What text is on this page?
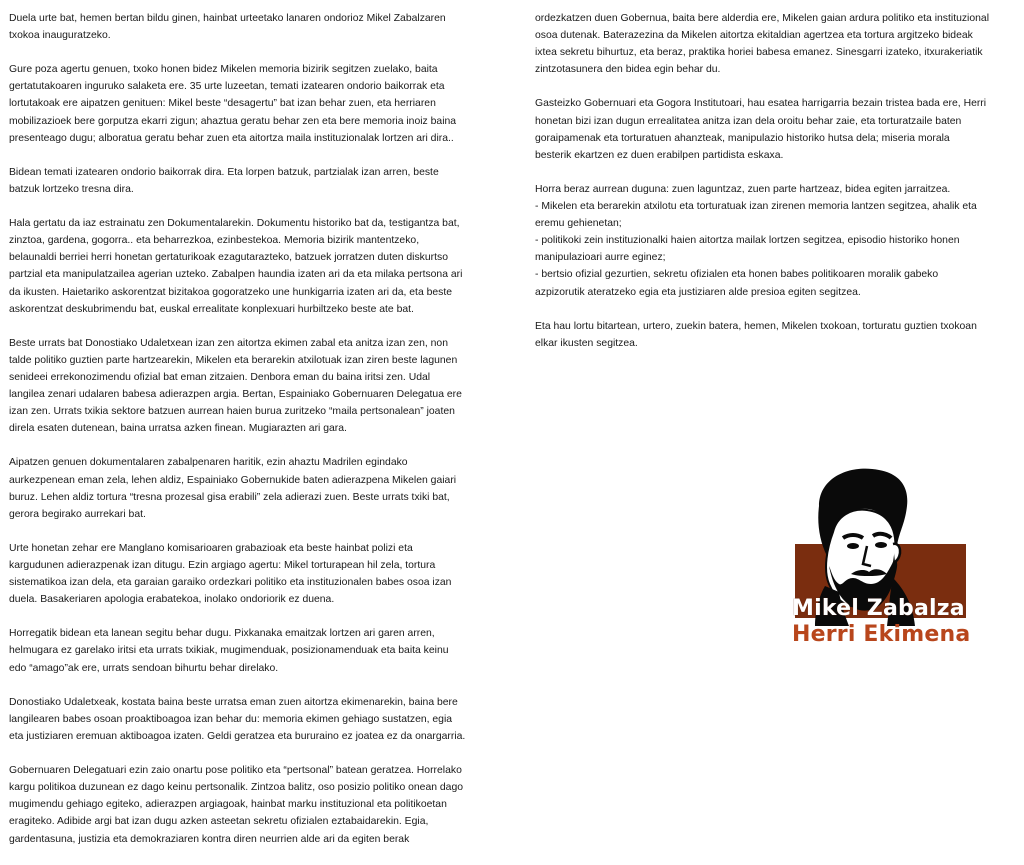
Duela urte bat, hemen bertan bildu ginen, hainbat urteetako lanaren ondorioz Mikel Zabalzaren
txokoa inauguratzeko.

Gure poza agertu genuen, txoko honen bidez Mikelen memoria bizirik segitzen zuelako, baita
gertatutakoaren inguruko salaketa ere. 35 urte luzeetan, temati izatearen ondorio baikorrak eta
lortutakoak ere aipatzen genituen: Mikel beste “desagertu” bat izan behar zuen, eta herriaren
mobilizazioek bere gorputza ekarri zigun; ahaztua geratu behar zen eta bere memoria inoiz baina
presenteago dugu; alboratua geratu behar zuen eta aitortza maila instituzionalak lortzen ari dira..

Bidean temati izatearen ondorio baikorrak dira. Eta lorpen batzuk, partzialak izan arren, beste
batzuk lortzeko tresna dira.

Hala gertatu da iaz estrainatu zen Dokumentalarekin. Dokumentu historiko bat da, testigantza bat,
zinztoa, gardena, gogorra.. eta beharrezkoa, ezinbestekoa. Memoria bizirik mantentzeko,
belaunaldi berriei herri honetan gertaturikoak ezagutarazteko, batzuek jorratzen duten diskurtso
partzial eta manipulatzailea agerian uzteko. Zabalpen haundia izaten ari da eta milaka pertsona ari
da ikusten. Haietariko askorentzat bizitakoa gogoratzeko une hunkigarria izaten ari da, eta beste
askorentzat deskubrimendu bat, euskal errealitate konplexuari hurbiltzeko beste ate bat.

Beste urrats bat Donostiako Udaletxean izan zen aitortza ekimen zabal eta anitza izan zen, non
talde politiko guztien parte hartzearekin, Mikelen eta berarekin atxilotuak izan ziren beste lagunen
senideei errekonozimendu ofizial bat eman zitzaien. Denbora eman du baina iritsi zen. Udal
langilea zenari udalaren babesa adierazpen argia. Bertan, Espainiako Gobernuaren Delegatua ere
izan zen. Urrats txikia sektore batzuen aurrean haien burua zuritzeko “maila pertsonalean” joaten
direla esaten dutenean, baina urratsa azken finean. Mugiarazten ari gara.

Aipatzen genuen dokumentalaren zabalpenaren haritik, ezin ahaztu Madrilen egindako
aurkezpenean eman zela, lehen aldiz, Espainiako Gobernukide baten adierazpena Mikelen gaiari
buruz. Lehen aldiz tortura “tresna prozesal gisa erabili” zela adierazi zuen. Beste urrats txiki bat,
gerora begirako aurrekari bat.

Urte honetan zehar ere Manglano komisarioaren grabazioak eta beste hainbat polizi eta
kargudunen adierazpenak izan ditugu. Ezin argiago agertu: Mikel torturapean hil zela, tortura
sistematikoa izan dela, eta garaian garaiko ordezkari politiko eta instituzionalen babes osoa izan
duela. Basakeriaren apologia erabatekoa, inolako ondoriorik ez duena.

Horregatik bidean eta lanean segitu behar dugu. Pixkanaka emaitzak lortzen ari garen arren,
helmugara ez garelako iritsi eta urrats txikiak, mugimenduak, posizionamenduak eta baita keinu
edo “amago”ak ere, urrats sendoan bihurtu behar direlako.

Donostiako Udaletxeak, kostata baina beste urratsa eman zuen aitortza ekimenarekin, baina bere
langilearen babes osoan proaktiboagoa izan behar du: memoria ekimen gehiago sustatzen, egia
eta justiziaren eremuan aktiboagoa izaten. Geldi geratzea eta bururaino ez joatea ez da onargarria.

Gobernuaren Delegatuari ezin zaio onartu pose politiko eta “pertsonal” batean geratzea. Horrelako
kargu politikoa duzunean ez dago keinu pertsonalik. Zintzoa balitz, oso posizio politiko onean dago
mugimendu gehiago egiteko, adierazpen argiagoak, hainbat marku instituzional eta politikoetan
eragiteko. Adibide argi bat izan dugu azken asteetan sekretu ofizialen eztabaidarekin. Egia,
gardentasuna, justizia eta demokraziaren kontra diren neurrien alde ari da egiten berak

ordezkatzen duen Gobernua, baita bere alderdia ere, Mikelen gaian ardura politiko eta instituzional
osoa dutenak. Baterazezina da Mikelen aitortza ekitaldian agertzea eta tortura argitzeko bideak
ixtea sekretu bihurtuz, eta beraz, praktika horiei babesa emanez. Sinesgarri izateko, itxurakeriatik
zintzotasunera den bidea egin behar du.

Gasteizko Gobernuari eta Gogora Institutoari, hau esatea harrigarria bezain tristea bada ere, Herri
honetan bizi izan dugun errealitatea anitza izan dela oroitu behar zaie, eta torturatzaile baten
goraipamenak eta torturatuen ahanzteak, manipulazio historiko hutsa dela; miseria morala
besterik ekartzen ez duen erabilpen partidista eskaxa.

Horra beraz aurrean duguna: zuen laguntzaz, zuen parte hartzeaz, bidea egiten jarraitzea.
- Mikelen eta berarekin atxilotu eta torturatuak izan zirenen memoria lantzen segitzea, ahalik eta
eremu gehienetan;
- politikoki zein instituzionalki haien aitortza mailak lortzen segitzea, episodio historiko honen
manipulazioari aurre eginez;
- bertsio ofizial gezurtien, sekretu ofizialen eta honen babes politikoaren moralik gabeko
azpizorutik ateratzeko egia eta justiziaren alde presioa egiten segitzea.

Eta hau lortu bitartean, urtero, zuekin batera, hemen, Mikelen txokoan, torturatu guztien txokoan
elkar ikusten segitzea.

Mikel Zabalza
Herri Ekimena
